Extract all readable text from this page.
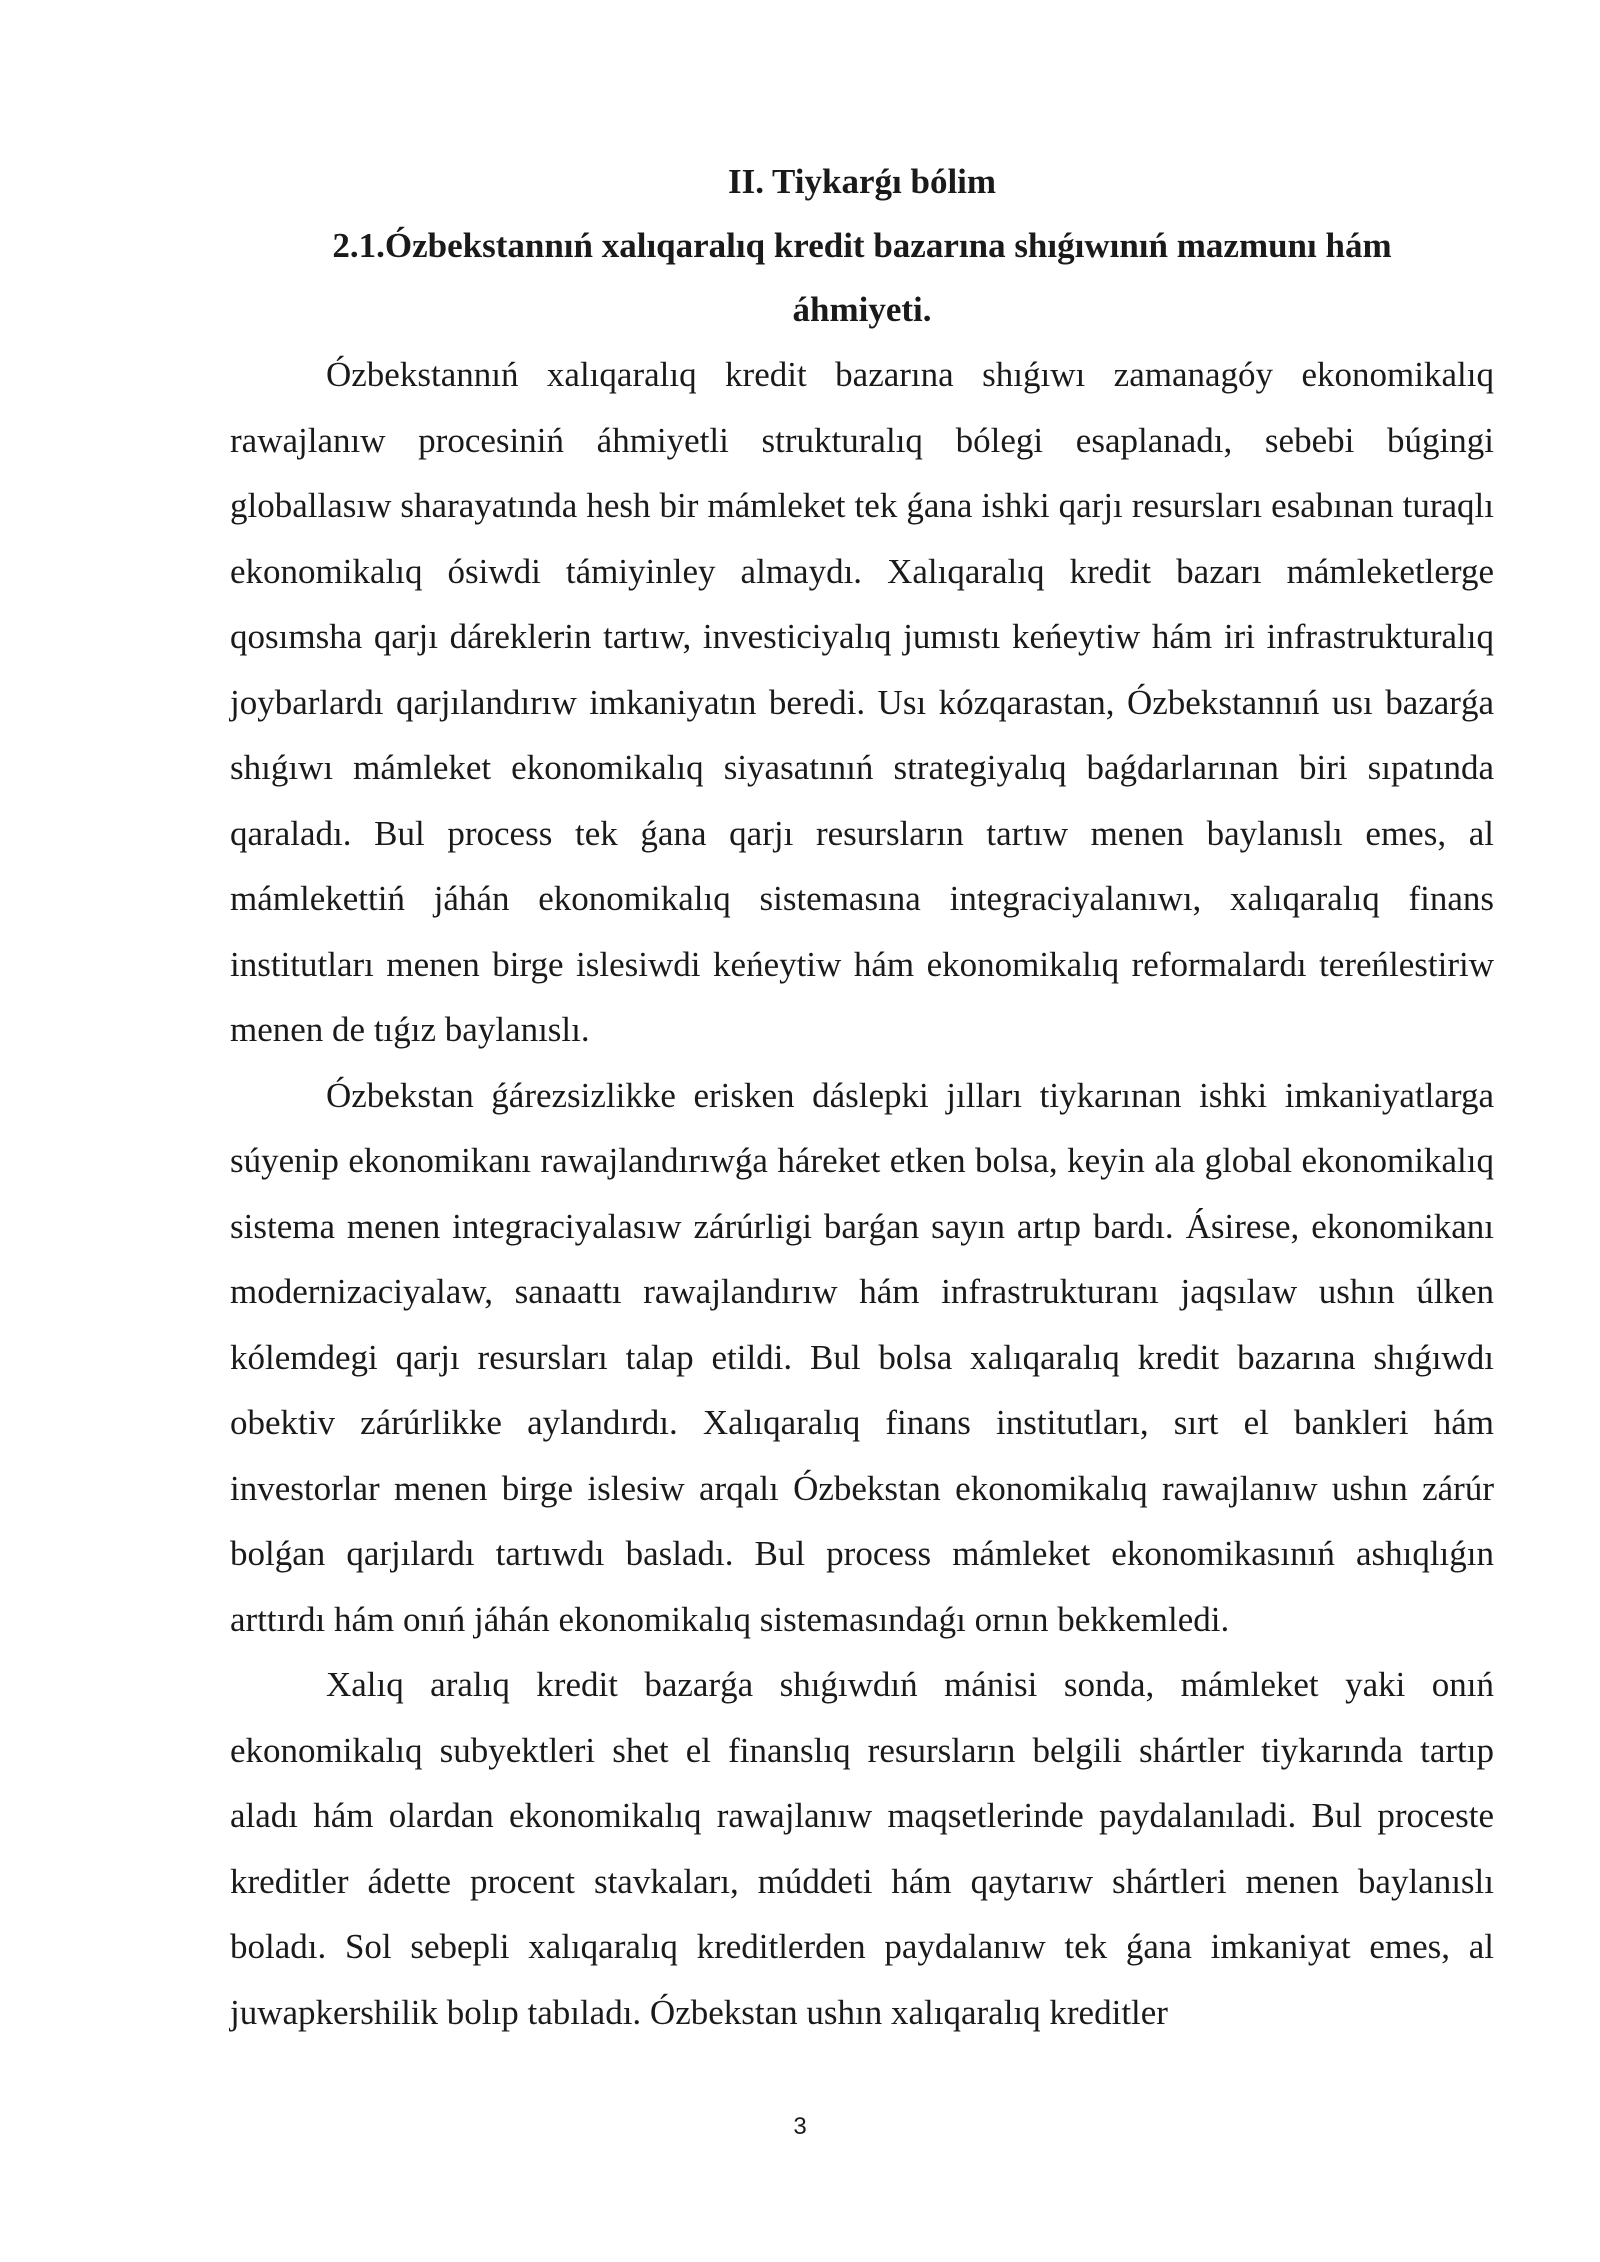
II. Tiykarǵı bólim

2.1.Ózbekstannıń xalıqaralıq kredit bazarına shıǵıwınıń mazmunı hám áhmiyeti.

Ózbekstannıń xalıqaralıq kredit bazarına shıǵıwı zamanagóy ekonomikalıq rawajlanıw procesiniń áhmiyetli strukturalıq bólegi esaplanadı, sebebi búgingi globallasıw sharayatında hesh bir mámleket tek ǵana ishki qarjı resursları esabınan turaqlı ekonomikalıq ósiwdi támiyinley almaydı. Xalıqaralıq kredit bazarı mámleketlerge qosımsha qarjı dáreklerin tartıw, investiciyalıq jumıstı keńeytiw hám iri infrastrukturalıq joybarlardı qarjılandırıw imkaniyatın beredi. Usı kózqarastan, Ózbekstannıń usı bazarǵa shıǵıwı mámleket ekonomikalıq siyasatınıń strategiyalıq baǵdarlarınan biri sıpatında qaraladı. Bul process tek ǵana qarjı resursların tartıw menen baylanıslı emes, al mámlekettiń jáhán ekonomikalıq sistemasına integraciyalanıwı, xalıqaralıq finans institutları menen birge islesiwdi keńeytiw hám ekonomikalıq reformalardı tereńlestiriw menen de tıǵız baylanıslı.

Ózbekstan ǵárezsizlikke erisken dáslepki jılları tiykarınan ishki imkaniyatlarga súyenip ekonomikanı rawajlandırıwǵa háreket etken bolsa, keyin ala global ekonomikalıq sistema menen integraciyalasıw zárúrligi barǵan sayın artıp bardı. Ásirese, ekonomikanı modernizaciyalaw, sanaattı rawajlandırıw hám infrastrukturanı jaqsılaw ushın úlken kólemdegi qarjı resursları talap etildi. Bul bolsa xalıqaralıq kredit bazarına shıǵıwdı obektiv zárúrlikke aylandırdı. Xalıqaralıq finans institutları, sırt el bankleri hám investorlar menen birge islesiw arqalı Ózbekstan ekonomikalıq rawajlanıw ushın zárúr bolǵan qarjılardı tartıwdı basladı. Bul process mámleket ekonomikasınıń ashıqlıǵın arttırdı hám onıń jáhán ekonomikalıq sistemasındaǵı ornın bekkemledi.

Xalıq aralıq kredit bazarǵa shıǵıwdıń mánisi sonda, mámleket yaki onıń ekonomikalıq subyektleri shet el finanslıq resursların belgili shártler tiykarında tartıp aladı hám olardan ekonomikalıq rawajlanıw maqsetlerinde paydalanıladi. Bul proceste kreditler ádette procent stavkaları, múddeti hám qaytarıw shártleri menen baylanıslı boladı. Sol sebepli xalıqaralıq kreditlerden paydalanıw tek ǵana imkaniyat emes, al juwapkershilik bolıp tabıladı. Ózbekstan ushın xalıqaralıq kreditler

3
